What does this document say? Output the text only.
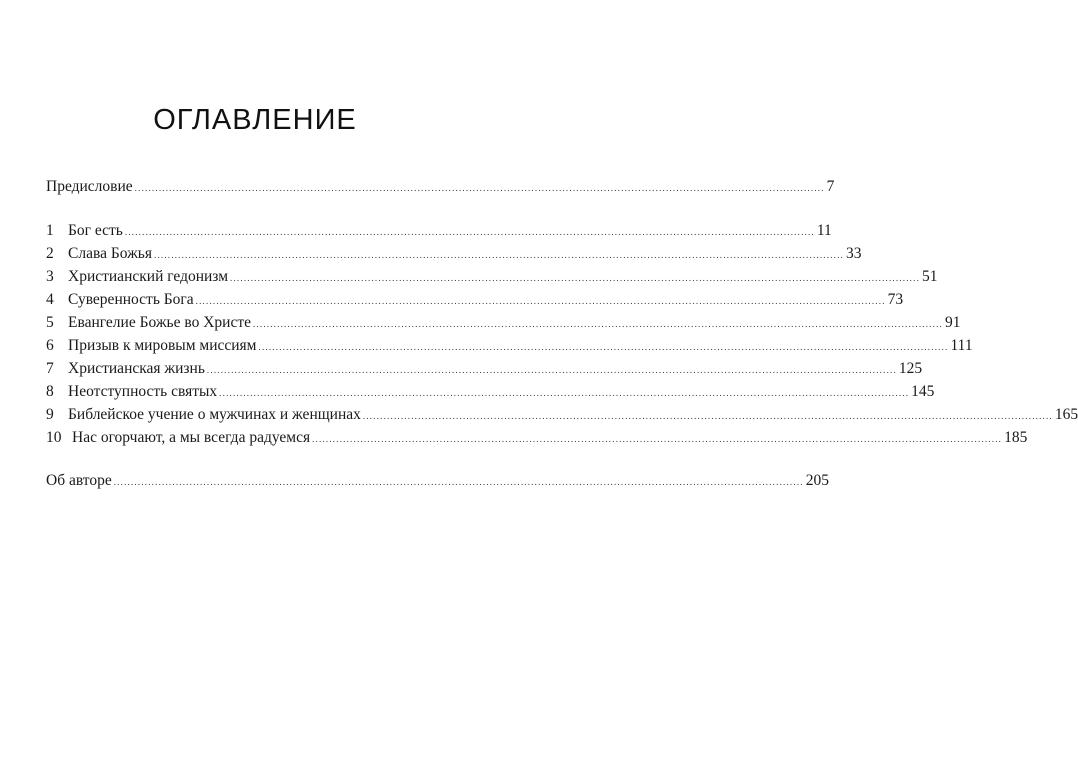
ОГЛАВЛЕНИЕ
Предисловие ........................................................................................................................................................................................................ 7
1 Бог есть ........................................................................................................................................................................................................ 11
2 Слава Божья ........................................................................................................................................................................................................ 33
3 Христианский гедонизм ........................................................................................................................................................................................................ 51
4 Суверенность Бога ........................................................................................................................................................................................................ 73
5 Евангелие Божье во Христе ........................................................................................................................................................................................................ 91
6 Призыв к мировым миссиям ........................................................................................................................................................................................................ 111
7 Христианская жизнь ........................................................................................................................................................................................................ 125
8 Неотступность святых ........................................................................................................................................................................................................ 145
9 Библейское учение о мужчинах и женщинах ........................................................................................................................................................................................................ 165
10 Нас огорчают, а мы всегда радуемся ........................................................................................................................................................................................................ 185
Об авторе ........................................................................................................................................................................................................ 205
